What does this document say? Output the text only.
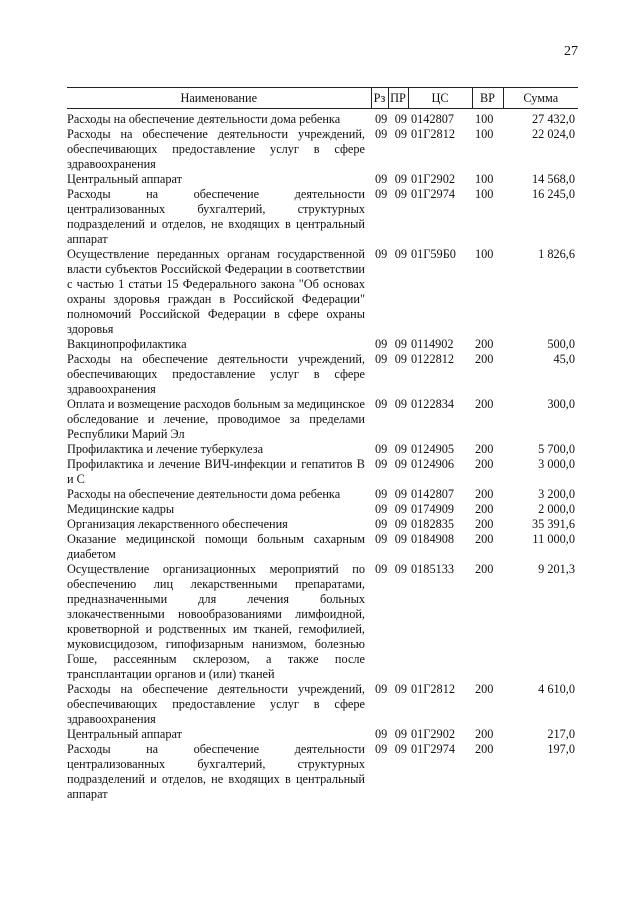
27
Наименование	Рз	ПР	ЦС	ВР	Сумма
Расходы на обеспечение деятельности дома ребенка	09	09	0142807	100	27 432,0
Расходы на обеспечение деятельности учреждений, обеспечивающих предоставление услуг в сфере здравоохранения	09	09	01Г2812	100	22 024,0
Центральный аппарат	09	09	01Г2902	100	14 568,0
Расходы на обеспечение деятельности централизованных бухгалтерий, структурных подразделений и отделов, не входящих в центральный аппарат	09	09	01Г2974	100	16 245,0
Осуществление переданных органам государственной власти субъектов Российской Федерации в соответствии с частью 1 статьи 15 Федерального закона "Об основах охраны здоровья граждан в Российской Федерации" полномочий Российской Федерации в сфере охраны здоровья	09	09	01Г59Б0	100	1 826,6
Вакцинопрофилактика	09	09	0114902	200	500,0
Расходы на обеспечение деятельности учреждений, обеспечивающих предоставление услуг в сфере здравоохранения	09	09	0122812	200	45,0
Оплата и возмещение расходов больным за медицинское обследование и лечение, проводимое за пределами Республики Марий Эл	09	09	0122834	200	300,0
Профилактика и лечение туберкулеза	09	09	0124905	200	5 700,0
Профилактика и лечение ВИЧ-инфекции и гепатитов В и С	09	09	0124906	200	3 000,0
Расходы на обеспечение деятельности дома ребенка	09	09	0142807	200	3 200,0
Медицинские кадры	09	09	0174909	200	2 000,0
Организация лекарственного обеспечения	09	09	0182835	200	35 391,6
Оказание медицинской помощи больным сахарным диабетом	09	09	0184908	200	11 000,0
Осуществление организационных мероприятий по обеспечению лиц лекарственными препаратами, предназначенными для лечения больных злокачественными новообразованиями лимфоидной, кроветворной и родственных им тканей, гемофилией, муковисцидозом, гипофизарным нанизмом, болезнью Гоше, рассеянным склерозом, а также после трансплантации органов и (или) тканей	09	09	0185133	200	9 201,3
Расходы на обеспечение деятельности учреждений, обеспечивающих предоставление услуг в сфере здравоохранения	09	09	01Г2812	200	4 610,0
Центральный аппарат	09	09	01Г2902	200	217,0
Расходы на обеспечение деятельности централизованных бухгалтерий, структурных подразделений и отделов, не входящих в центральный аппарат	09	09	01Г2974	200	197,0
